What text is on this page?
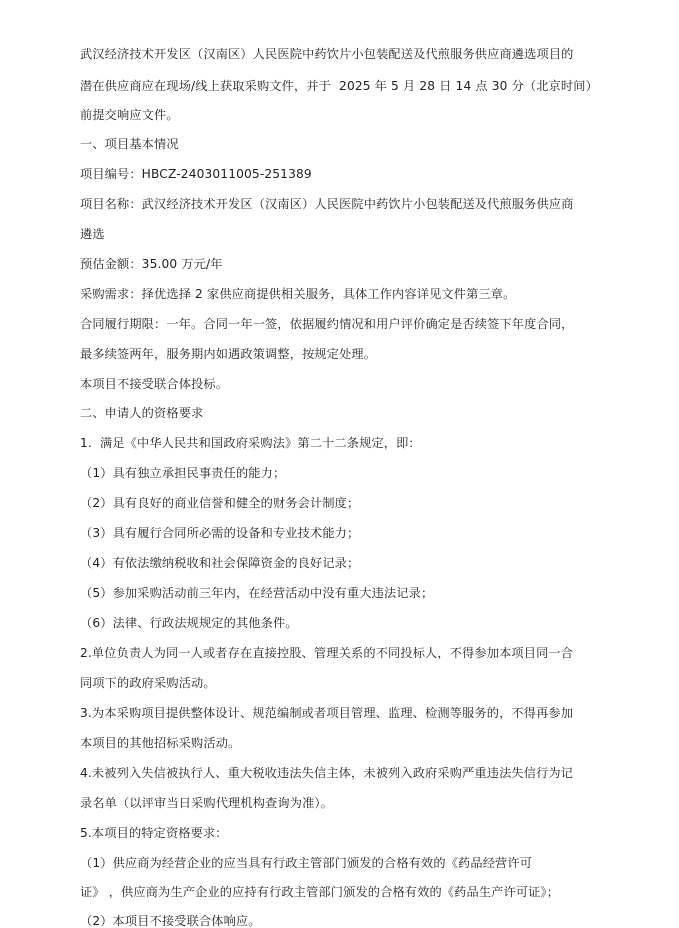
武汉经济技术开发区（汉南区）人民医院中药饮片小包装配送及代煎服务供应商遴选项目的
潜在供应商应在现场/线上获取采购文件，并于  2025 年 5 月 28 日 14 点 30 分（北京时间）
前提交响应文件。
一、项目基本情况
项目编号：HBCZ-2403011005-251389
项目名称：武汉经济技术开发区（汉南区）人民医院中药饮片小包装配送及代煎服务供应商
遴选
预估金额：35.00 万元/年
采购需求：择优选择 2 家供应商提供相关服务，具体工作内容详见文件第三章。
合同履行期限：一年。合同一年一签，依据履约情况和用户评价确定是否续签下年度合同，
最多续签两年，服务期内如遇政策调整，按规定处理。
本项目不接受联合体投标。
二、申请人的资格要求
1.  满足《中华人民共和国政府采购法》第二十二条规定，即：
（1）具有独立承担民事责任的能力；
（2）具有良好的商业信誉和健全的财务会计制度；
（3）具有履行合同所必需的设备和专业技术能力；
（4）有依法缴纳税收和社会保障资金的良好记录；
（5）参加采购活动前三年内，在经营活动中没有重大违法记录；
（6）法律、行政法规规定的其他条件。
2.单位负责人为同一人或者存在直接控股、管理关系的不同投标人，不得参加本项目同一合
同项下的政府采购活动。
3.为本采购项目提供整体设计、规范编制或者项目管理、监理、检测等服务的，不得再参加
本项目的其他招标采购活动。
4.未被列入失信被执行人、重大税收违法失信主体，未被列入政府采购严重违法失信行为记
录名单（以评审当日采购代理机构查询为准）。
5.本项目的特定资格要求：
（1）供应商为经营企业的应当具有行政主管部门颁发的合格有效的《药品经营许可
证》 ，供应商为生产企业的应持有行政主管部门颁发的合格有效的《药品生产许可证》；
（2）本项目不接受联合体响应。
